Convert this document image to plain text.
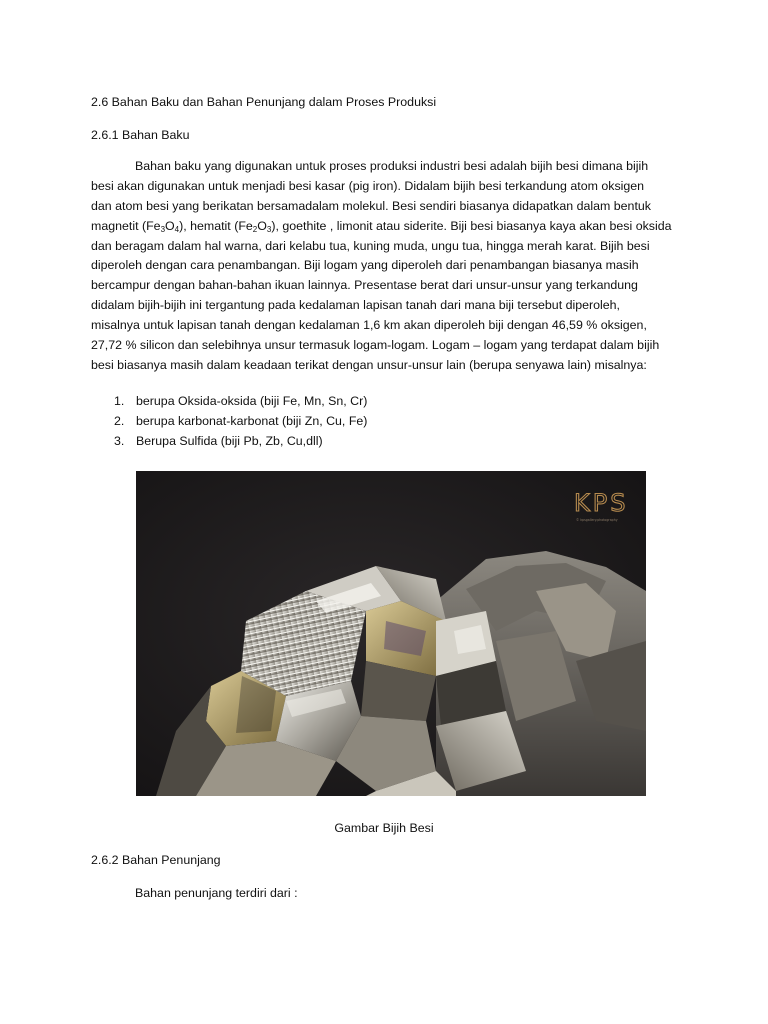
2.6 Bahan Baku dan Bahan Penunjang dalam Proses Produksi
2.6.1 Bahan Baku
Bahan baku yang digunakan untuk proses produksi industri besi adalah bijih besi dimana bijih
besi akan digunakan untuk menjadi besi kasar (pig iron). Didalam bijih besi terkandung atom oksigen
dan atom besi yang berikatan bersamadalam molekul. Besi sendiri biasanya didapatkan dalam bentuk
magnetit $(Fe_3O_4)$, hematit $(Fe_2O_3)$, goethite , limonit atau siderite. Biji besi biasanya kaya akan besi oksida
dan beragam dalam hal warna, dari kelabu tua, kuning muda, ungu tua, hingga merah karat. Bijih besi
diperoleh dengan cara penambangan. Biji logam yang diperoleh dari penambangan biasanya masih
bercampur dengan bahan-bahan ikuan lainnya. Presentase berat dari unsur-unsur yang terkandung
didalam bijih-bijih ini tergantung pada kedalaman lapisan tanah dari mana biji tersebut diperoleh,
misalnya untuk lapisan tanah dengan kedalaman 1,6 km akan diperoleh biji dengan 46,59 % oksigen,
27,72 % silicon dan selebihnya unsur termasuk logam-logam. Logam – logam yang terdapat dalam bijih
besi biasanya masih dalam keadaan terikat dengan unsur-unsur lain (berupa senyawa lain) misalnya:
1. berupa Oksida-oksida (biji Fe, Mn, Sn, Cr)
2. berupa karbonat-karbonat (biji Zn, Cu, Fe)
3. Berupa Sulfida (biji Pb, Zb, Cu,dll)
KPS
© kpsgallery.photography
Gambar Bijih Besi
2.6.2 Bahan Penunjang
Bahan penunjang terdiri dari :
